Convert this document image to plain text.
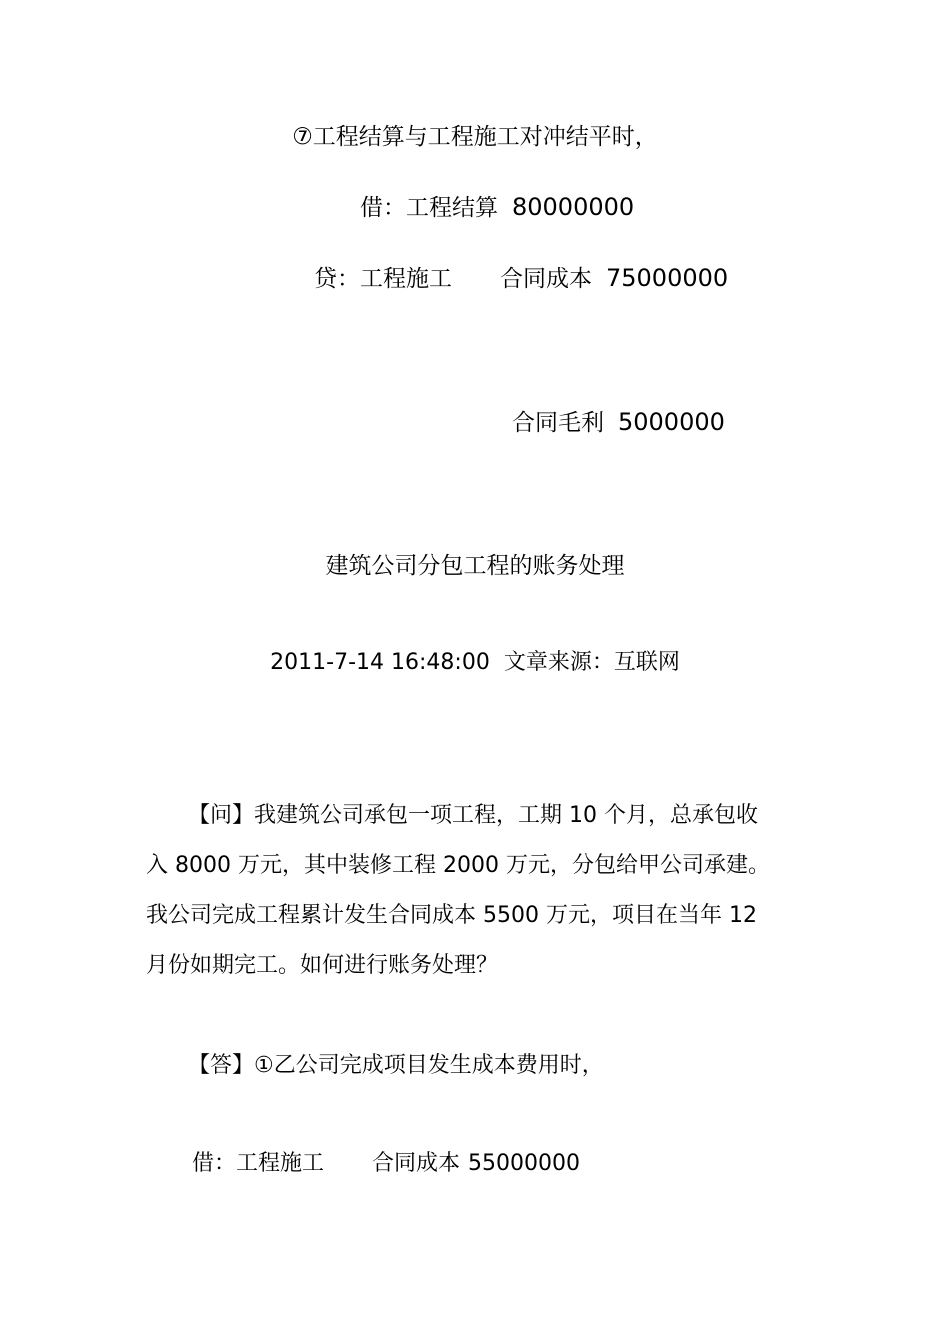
⑦工程结算与工程施工对冲结平时，
借：工程结算 80000000
贷：工程施工 合同成本 75000000
合同毛利 5000000
建筑公司分包工程的账务处理
2011-7-14 16:48:00 文章来源：互联网
【问】我建筑公司承包一项工程，工期 10 个月，总承包收
入 8000 万元，其中装修工程 2000 万元，分包给甲公司承建。
我公司完成工程累计发生合同成本 5500 万元，项目在当年 12
月份如期完工。如何进行账务处理？
【答】①乙公司完成项目发生成本费用时，
借：工程施工 合同成本 55000000
